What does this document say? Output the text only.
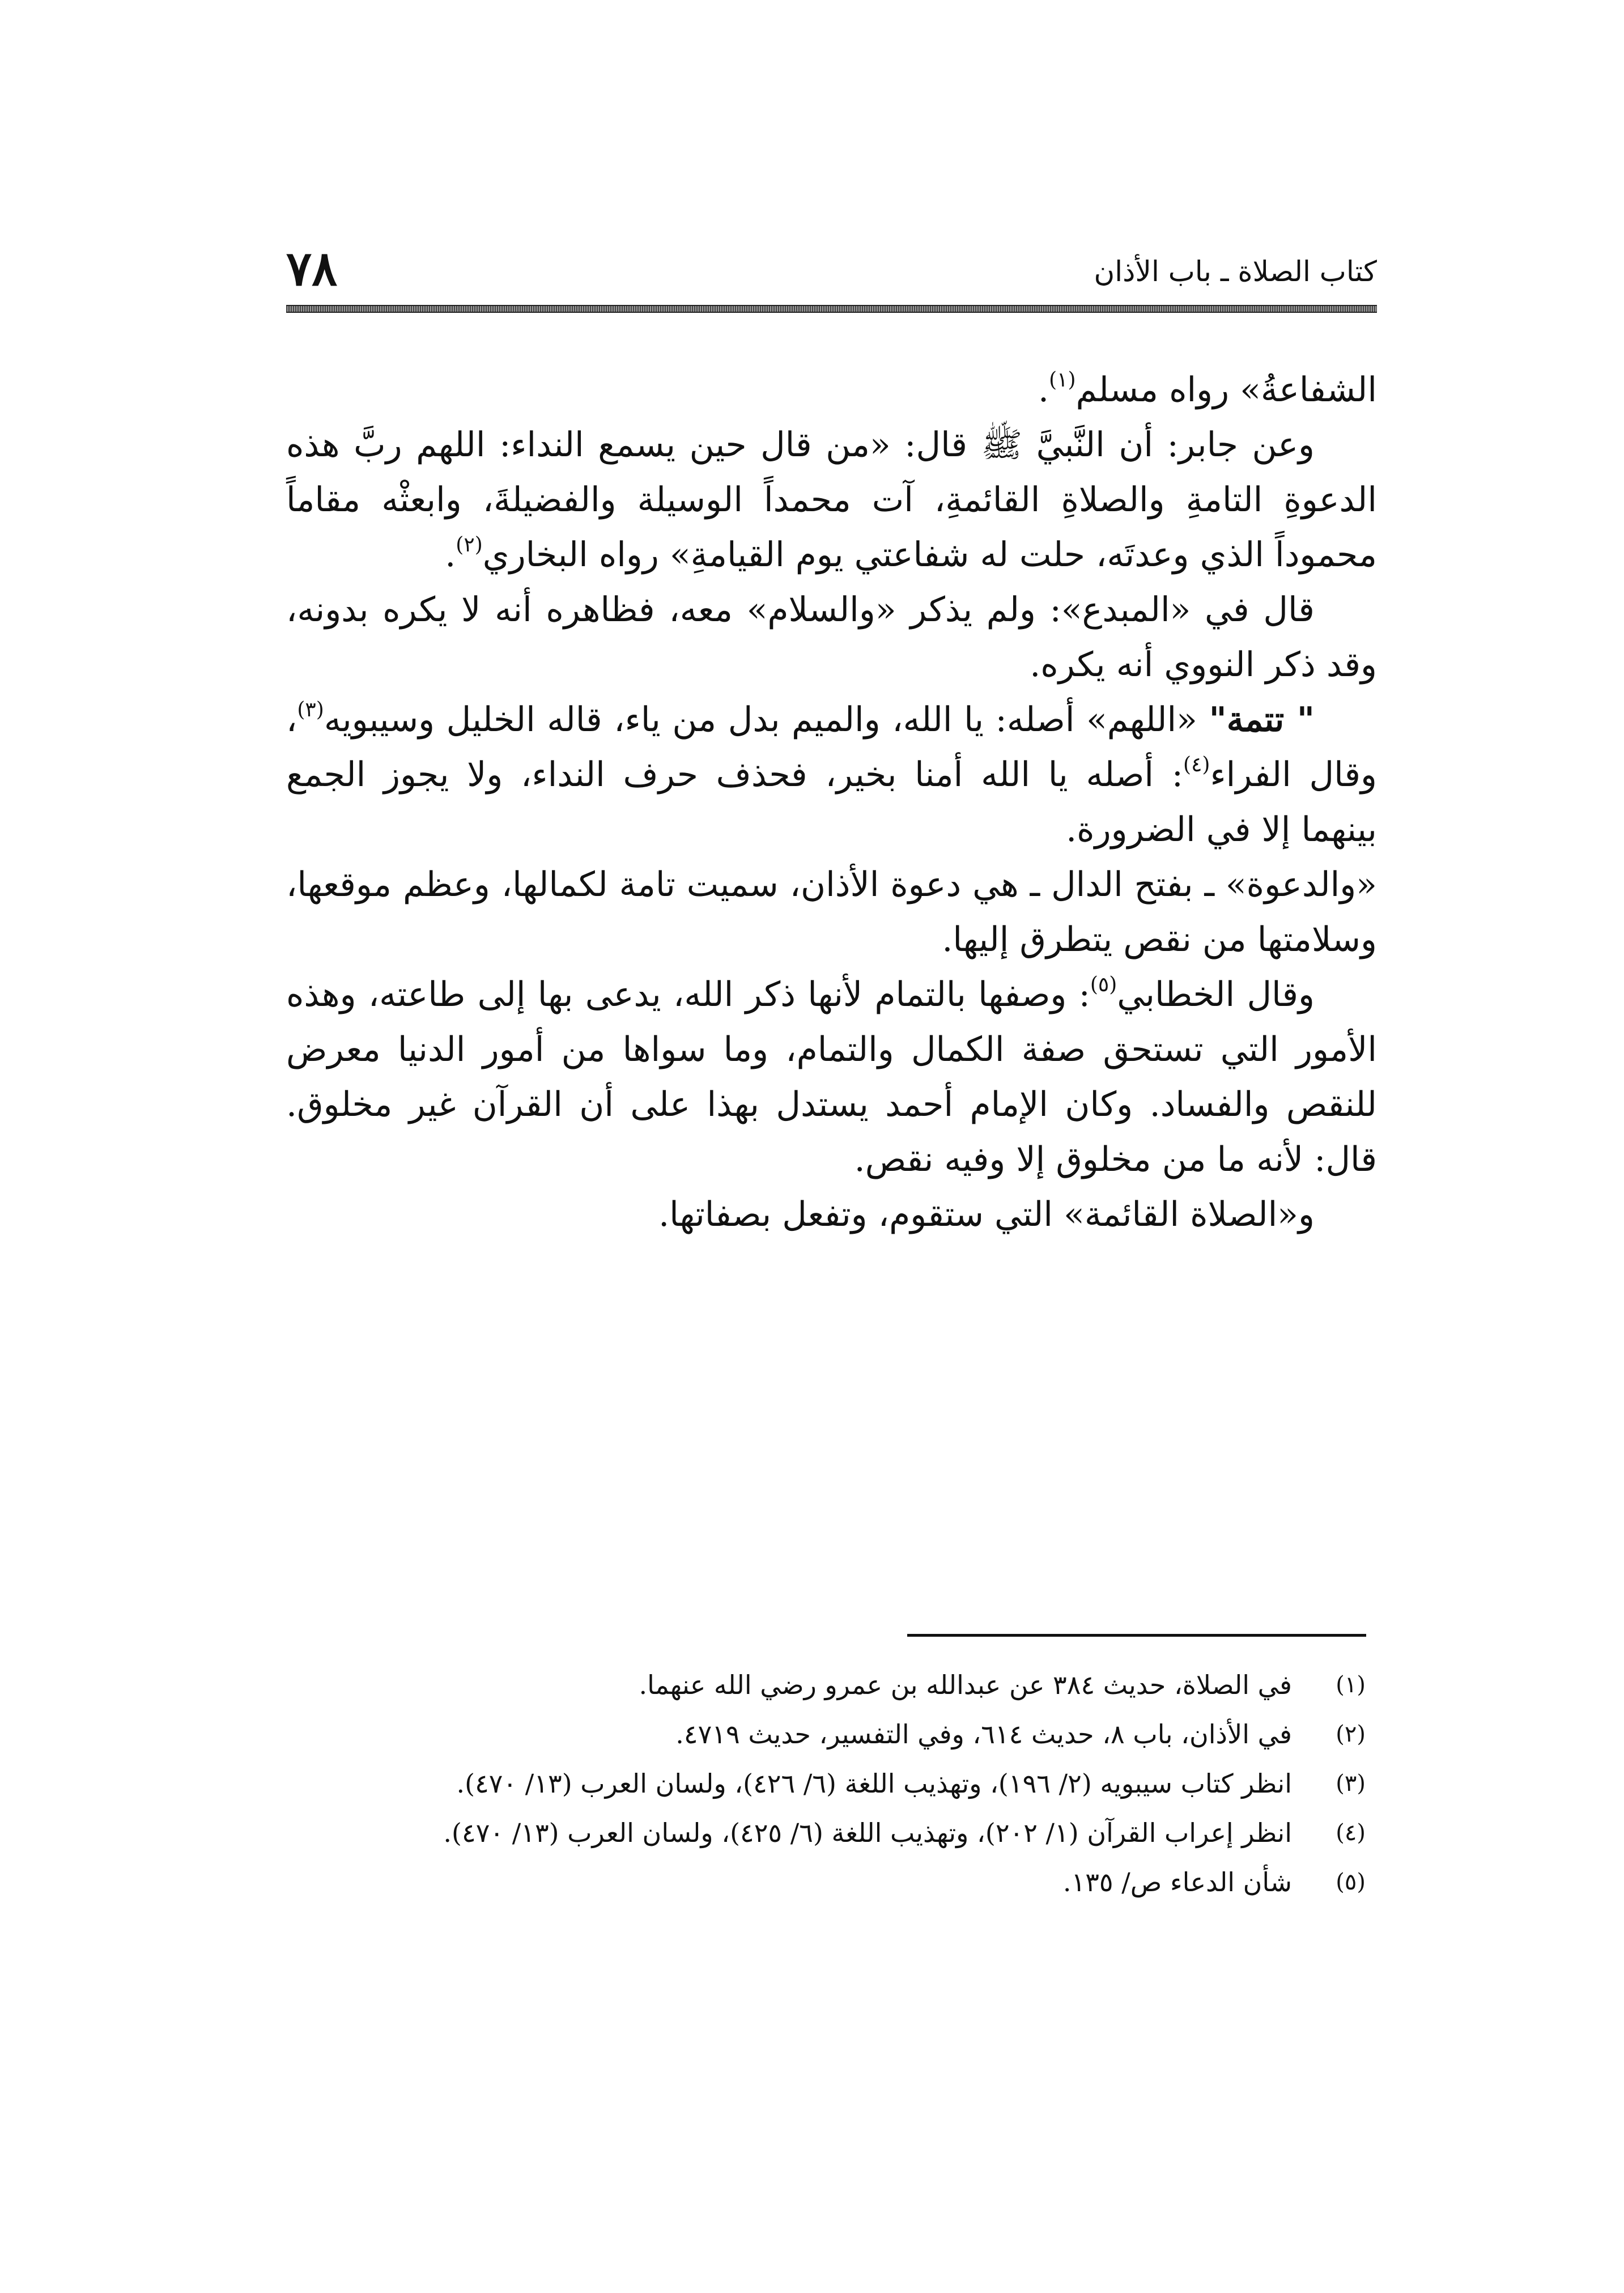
٧٨	كتاب الصلاة ـ باب الأذان

الشفاعةُ» رواه مسلم$^{(١)}$.

وعن جابر: أن النَّبيَّ ﷺ قال: «من قال حين يسمع النداء: اللهم ربَّ هذه الدعوةِ التامةِ والصلاةِ القائمةِ، آت محمداً الوسيلة والفضيلةَ، وابعثْه مقاماً محموداً الذي وعدتَه، حلت له شفاعتي يوم القيامةِ» رواه البخاري$^{(٢)}$.

قال في «المبدع»: ولم يذكر «والسلام» معه، فظاهره أنه لا يكره بدونه، وقد ذكر النووي أنه يكره.

" تتمة" «اللهم» أصله: يا الله، والميم بدل من ياء، قاله الخليل وسيبويه$^{(٣)}$، وقال الفراء$^{(٤)}$: أصله يا الله أمنا بخير، فحذف حرف النداء، ولا يجوز الجمع بينهما إلا في الضرورة.

«والدعوة» ـ بفتح الدال ـ هي دعوة الأذان، سميت تامة لكمالها، وعظم موقعها، وسلامتها من نقص يتطرق إليها.

وقال الخطابي$^{(٥)}$: وصفها بالتمام لأنها ذكر الله، يدعى بها إلى طاعته، وهذه الأمور التي تستحق صفة الكمال والتمام، وما سواها من أمور الدنيا معرض للنقص والفساد. وكان الإمام أحمد يستدل بهذا على أن القرآن غير مخلوق. قال: لأنه ما من مخلوق إلا وفيه نقص.

و«الصلاة القائمة» التي ستقوم، وتفعل بصفاتها.

(١)
في الصلاة، حديث ٣٨٤ عن عبدالله بن عمرو رضي الله عنهما.
(٢)
في الأذان، باب ٨، حديث ٦١٤، وفي التفسير، حديث ٤٧١٩.
(٣)
انظر كتاب سيبويه (٢/ ١٩٦)، وتهذيب اللغة (٦/ ٤٢٦)، ولسان العرب (١٣/ ٤٧٠).
(٤)
انظر إعراب القرآن (١/ ٢٠٢)، وتهذيب اللغة (٦/ ٤٢٥)، ولسان العرب (١٣/ ٤٧٠).
(٥)
شأن الدعاء ص/ ١٣٥.
